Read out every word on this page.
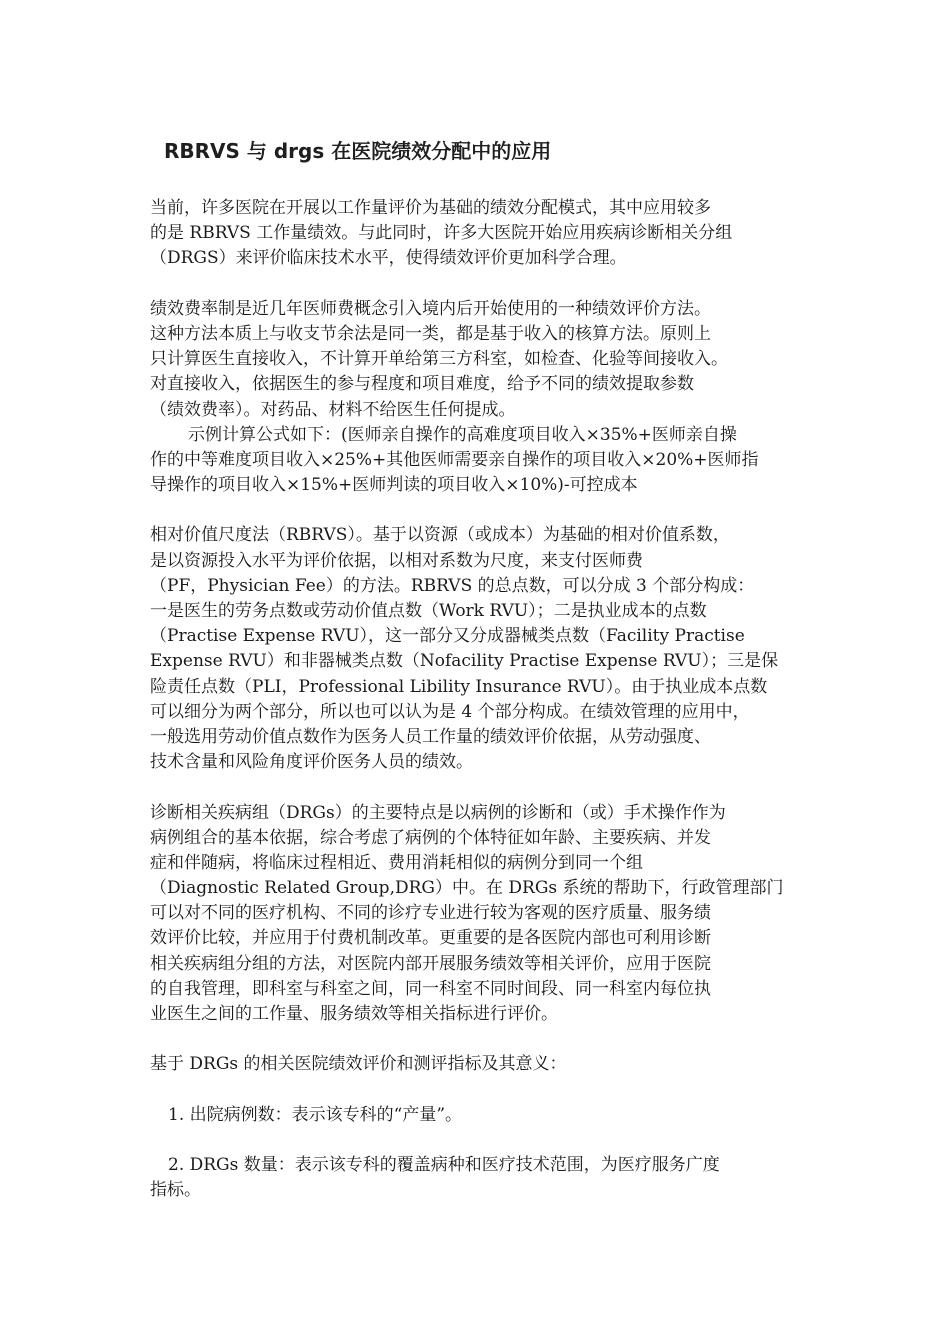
RBRVS 与 drgs 在医院绩效分配中的应用
当前，许多医院在开展以工作量评价为基础的绩效分配模式，其中应用较多
的是 RBRVS 工作量绩效。与此同时，许多大医院开始应用疾病诊断相关分组
（DRGS）来评价临床技术水平，使得绩效评价更加科学合理。
绩效费率制是近几年医师费概念引入境内后开始使用的一种绩效评价方法。
这种方法本质上与收支节余法是同一类，都是基于收入的核算方法。原则上
只计算医生直接收入，不计算开单给第三方科室，如检查、化验等间接收入。
对直接收入，依据医生的参与程度和项目难度，给予不同的绩效提取参数
（绩效费率）。对药品、材料不给医生任何提成。
示例计算公式如下：(医师亲自操作的高难度项目收入×35%+医师亲自操
作的中等难度项目收入×25%+其他医师需要亲自操作的项目收入×20%+医师指
导操作的项目收入×15%+医师判读的项目收入×10%)-可控成本
相对价值尺度法（RBRVS）。基于以资源（或成本）为基础的相对价值系数，
是以资源投入水平为评价依据，以相对系数为尺度，来支付医师费
（PF，Physician Fee）的方法。RBRVS 的总点数，可以分成 3 个部分构成：
一是医生的劳务点数或劳动价值点数（Work RVU）；二是执业成本的点数
（Practise Expense RVU），这一部分又分成器械类点数（Facility Practise
Expense RVU）和非器械类点数（Nofacility Practise Expense RVU）；三是保
险责任点数（PLI，Professional Libility Insurance RVU）。由于执业成本点数
可以细分为两个部分，所以也可以认为是 4 个部分构成。在绩效管理的应用中，
一般选用劳动价值点数作为医务人员工作量的绩效评价依据，从劳动强度、
技术含量和风险角度评价医务人员的绩效。
诊断相关疾病组（DRGs）的主要特点是以病例的诊断和（或）手术操作作为
病例组合的基本依据，综合考虑了病例的个体特征如年龄、主要疾病、并发
症和伴随病，将临床过程相近、费用消耗相似的病例分到同一个组
（Diagnostic Related Group,DRG）中。在 DRGs 系统的帮助下，行政管理部门
可以对不同的医疗机构、不同的诊疗专业进行较为客观的医疗质量、服务绩
效评价比较，并应用于付费机制改革。更重要的是各医院内部也可利用诊断
相关疾病组分组的方法，对医院内部开展服务绩效等相关评价，应用于医院
的自我管理，即科室与科室之间，同一科室不同时间段、同一科室内每位执
业医生之间的工作量、服务绩效等相关指标进行评价。
基于 DRGs 的相关医院绩效评价和测评指标及其意义：
1. 出院病例数：表示该专科的“产量”。
2. DRGs 数量：表示该专科的覆盖病种和医疗技术范围，为医疗服务广度
指标。
